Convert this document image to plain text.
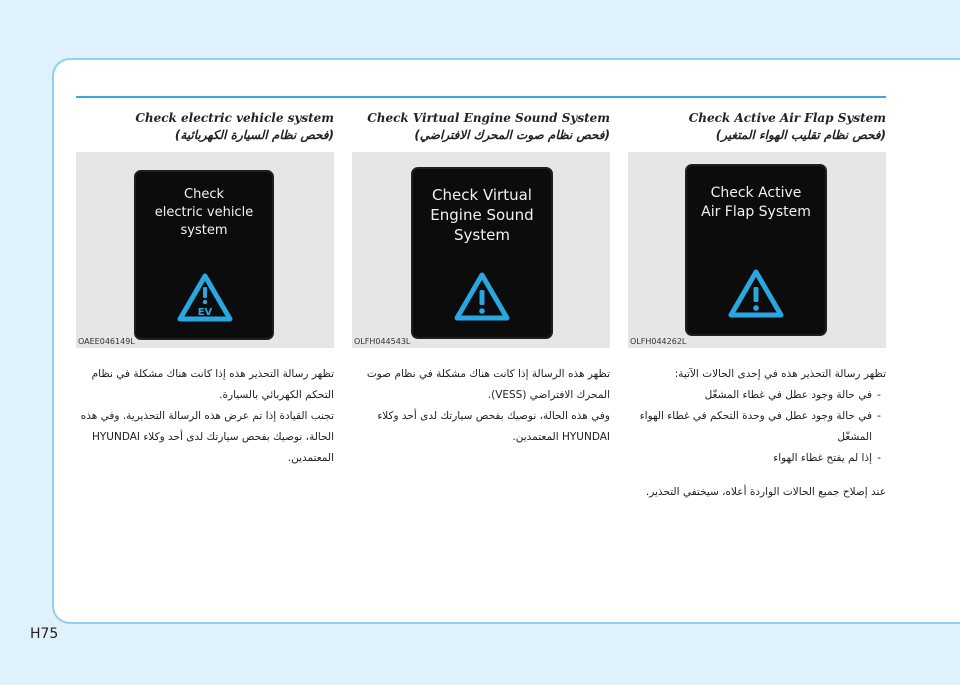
Check Active Air Flap System
(فحص نظام تقليب الهواء المتغير)
Check Active
Air Flap System
OLFH044262L

تظهر رسالة التحذير هذه في إحدى الحالات الآتية:

-
في حالة وجود عطل في غطاء المشغّل
-
في حالة وجود عطل في وحدة التحكم في غطاء الهواء المشغّل
-
إذا لم يفتح غطاء الهواء

عند إصلاح جميع الحالات الواردة أعلاه، سيختفي التحذير.

Check Virtual Engine Sound System
(فحص نظام صوت المحرك الافتراضي)
Check Virtual
Engine Sound
System
OLFH044543L

تظهر هذه الرسالة إذا كانت هناك مشكلة في نظام صوت المحرك الافتراضي (VESS).

وفي هذه الحالة، نوصيك بفحص سيارتك لدى أحد وكلاء HYUNDAI المعتمدين.

Check electric vehicle system
(فحص نظام السيارة الكهربائية)
Check
electric vehicle
system
EV
OAEE046149L

تظهر رسالة التحذير هذه إذا كانت هناك مشكلة في نظام التحكم الكهربائي بالسيارة.

تجنب القيادة إذا تم عرض هذه الرسالة التحذيرية. وفي هذه الحالة، نوصيك بفحص سيارتك لدى أحد وكلاء HYUNDAI المعتمدين.

H75
